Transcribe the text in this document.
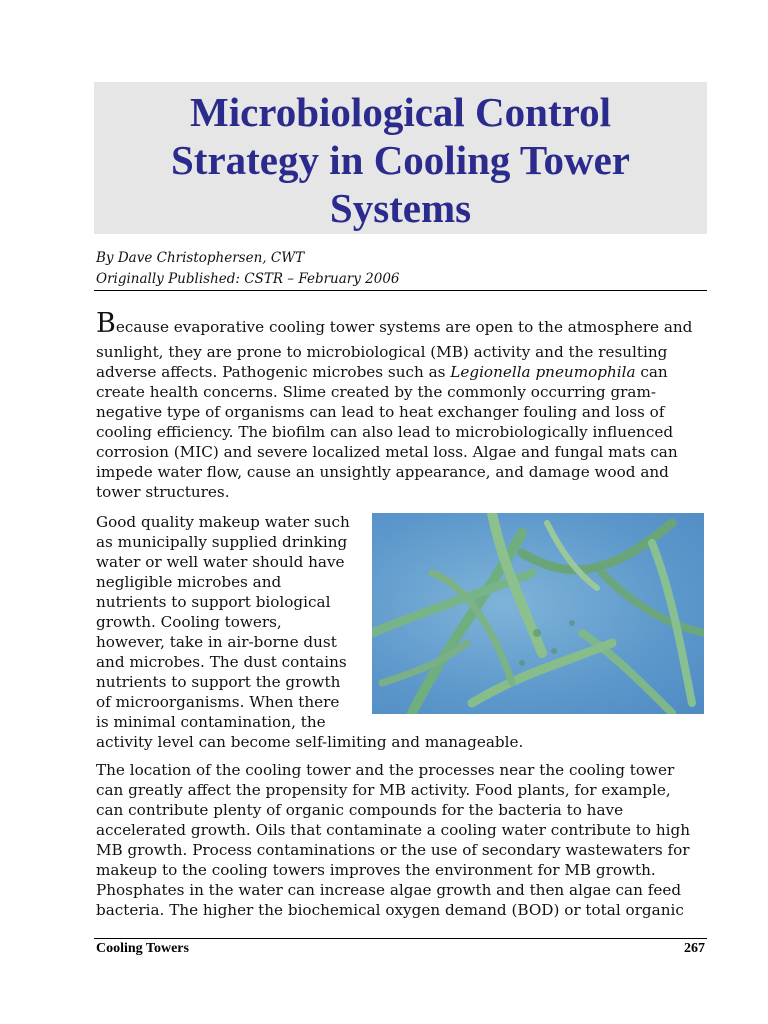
Microbiological Control
Strategy in Cooling Tower
Systems
By Dave Christophersen, CWT
Originally Published: CSTR – February 2006
Because evaporative cooling tower systems are open to the atmosphere and
sunlight, they are prone to microbiological (MB) activity and the resulting
adverse affects. Pathogenic microbes such as Legionella pneumophila can
create health concerns. Slime created by the commonly occurring gram-
negative type of organisms can lead to heat exchanger fouling and loss of
cooling efficiency. The biofilm can also lead to microbiologically influenced
corrosion (MIC) and severe localized metal loss. Algae and fungal mats can
impede water flow, cause an unsightly appearance, and damage wood and
tower structures.
Good quality makeup water such
as municipally supplied drinking
water or well water should have
negligible microbes and
nutrients to support biological
growth. Cooling towers,
however, take in air-borne dust
and microbes. The dust contains
nutrients to support the growth
of microorganisms. When there
is minimal contamination, the
activity level can become self-limiting and manageable.
The location of the cooling tower and the processes near the cooling tower
can greatly affect the propensity for MB activity. Food plants, for example,
can contribute plenty of organic compounds for the bacteria to have
accelerated growth. Oils that contaminate a cooling water contribute to high
MB growth. Process contaminations or the use of secondary wastewaters for
makeup to the cooling towers improves the environment for MB growth.
Phosphates in the water can increase algae growth and then algae can feed
bacteria. The higher the biochemical oxygen demand (BOD) or total organic
Cooling Towers	267
